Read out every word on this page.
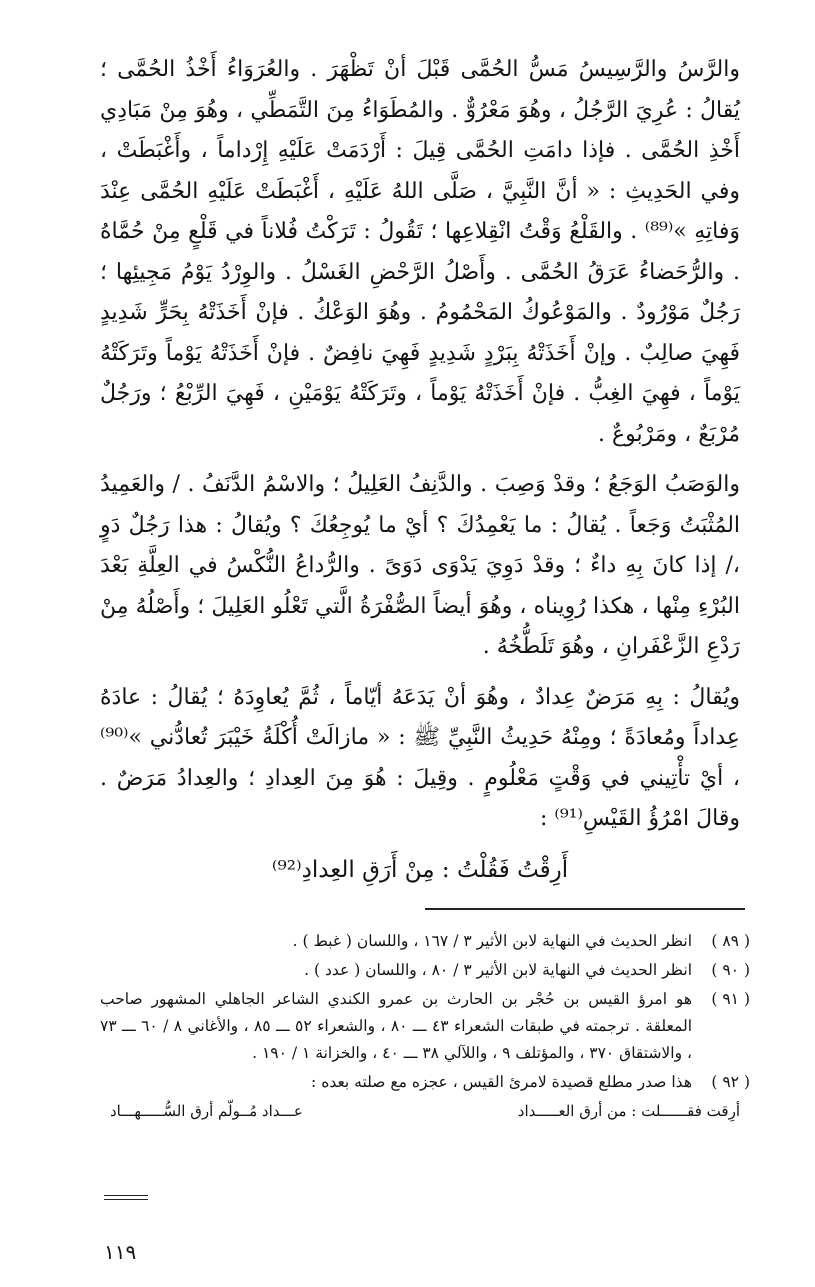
والرَّسُ والرَّسِيسُ مَسُّ الحُمَّى قَبْلَ أنْ تَظْهَرَ . والعُرَوَاءُ أَخْذُ الحُمَّى ؛ يُقالُ : عُرِيَ الرَّجُلُ ، وهُوَ مَعْرُوٌّ . والمُطَوَاءُ مِنَ التَّمَطِّي ، وهُوَ مِنْ مَبَادِي أَخْذِ الحُمَّى . فإذا دامَتِ الحُمَّى قِيلَ : أَرْدَمَتْ عَلَيْهِ إِرْداماً ، وأَغْبَطَتْ ، وفي الحَدِيثِ : « أنَّ النَّبِيَّ ، صَلَّى اللهُ عَلَيْهِ ، أَغْبَطَتْ عَلَيْهِ الحُمَّى عِنْدَ وَفاتِهِ »⁽⁸⁹⁾ . والقَلْعُ وَقْتُ انْقِلاعِها ؛ تَقُولُ : تَرَكْتُ فُلاناً في قَلْعٍ مِنْ حُمَّاهُ . والرُّحَضاءُ عَرَقُ الحُمَّى . وأَصْلُ الرَّحْضِ الغَسْلُ . والوِرْدُ يَوْمُ مَجِيئِها ؛ رَجُلٌ مَوْرُودٌ . والمَوْعُوكُ المَحْمُومُ . وهُوَ الوَعْكُ . فإنْ أَخَذَتْهُ بِحَرٍّ شَدِيدٍ فَهِيَ صالِبٌ . وإنْ أَخَذَتْهُ بِبَرْدٍ شَدِيدٍ فَهِيَ نافِضٌ . فإنْ أَخَذَتْهُ يَوْماً وتَرَكَتْهُ يَوْماً ، فهِيَ الغِبُّ . فإنْ أَخَذَتْهُ يَوْماً ، وتَرَكَتْهُ يَوْمَيْنِ ، فَهِيَ الرِّبْعُ ؛ ورَجُلٌ مُرْبَعٌ ، ومَرْبُوعٌ .

والوَصَبُ الوَجَعُ ؛ وقدْ وَصِبَ . والدَّنِفُ العَلِيلُ ؛ والاسْمُ الدَّنَفُ . / والعَمِيدُ المُثْبَتُ وَجَعاً . يُقالُ : ما يَعْمِدُكَ ؟ أيْ ما يُوجِعُكَ ؟ ويُقالُ : هذا رَجُلٌ دَوٍ ،/ إذا كانَ بِهِ داءٌ ؛ وقدْ دَوِيَ يَدْوَى دَوَىً . والرُّداعُ النُّكْسُ في العِلَّةِ بَعْدَ البُرْءِ مِنْها ، هكذا رُوِيناه ، وهُوَ أيضاً الصُّفْرَةُ الَّتي تَعْلُو العَلِيلَ ؛ وأَصْلُهُ مِنْ رَدْعِ الزَّعْفَرانِ ، وهُوَ تَلَطُّخُهُ .

ويُقالُ : بِهِ مَرَضٌ عِدادٌ ، وهُوَ أنْ يَدَعَهُ أيّاماً ، ثُمَّ يُعاوِدَهُ ؛ يُقالُ : عادَهُ عِداداً ومُعادَةً ؛ ومِنْهُ حَدِيثُ النَّبِيِّ ﷺ : « مازالَتْ أُكْلَةُ خَيْبَرَ تُعادُّني »⁽⁹⁰⁾ ، أيْ تأْتِيني في وَقْتٍ مَعْلُومٍ . وقِيلَ : هُوَ مِنَ العِدادِ ؛ والعِدادُ مَرَضٌ . وقالَ امْرُؤُ القَيْسِ⁽⁹¹⁾ :

أَرِقْتُ فَقُلْتُ : مِنْ أَرَقِ العِدادِ⁽⁹²⁾
( ٨٩ )
انظر الحديث في النهاية لابن الأثير ٣ / ١٦٧ ، واللسان ( غبط ) .
( ٩٠ )
انظر الحديث في النهاية لابن الأثير ٣ / ٨٠ ، واللسان ( عدد ) .
( ٩١ )
هو امرؤ القيس بن حُجْر بن الحارث بن عمرو الكندي الشاعر الجاهلي المشهور صاحب المعلقة . ترجمته في طبقات الشعراء ٤٣ ـــ ٨٠ ، والشعراء ٥٢ ـــ ٨٥ ، والأغاني ٨ / ٦٠ ـــ ٧٣ ، والاشتقاق ٣٧٠ ، والمؤتلف ٩ ، واللآلي ٣٨ ـــ ٤٠ ، والخزانة ١ / ١٩٠ .
( ٩٢ )
هذا صدر مطلع قصيدة لامرئ القيس ، عجزه مع صلته بعده :
أرِقت فقــــــلت : من أرق العـــــداد
عـــداد مُــولّم أرق السُّـــــهـــاد
١١٩
